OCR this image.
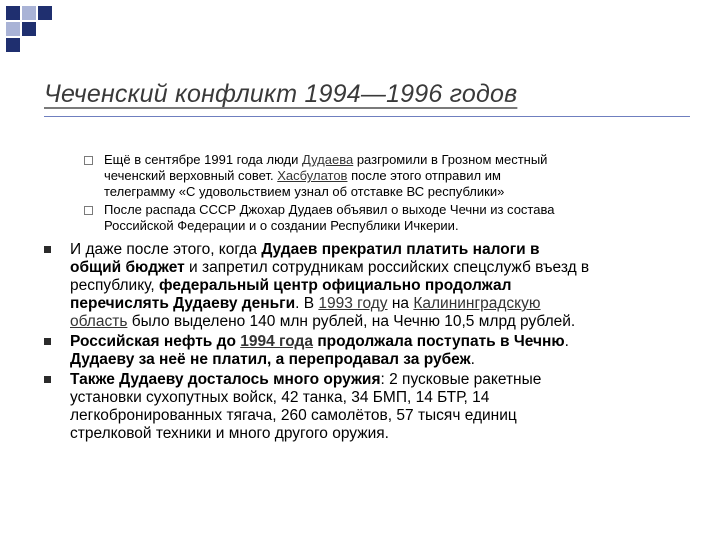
Чеченский конфликт 1994—1996 годов
Ещё в сентябре 1991 года люди Дудаева разгромили в Грозном местный
чеченский верховный совет. Хасбулатов после этого отправил им
телеграмму «С удовольствием узнал об отставке ВС республики»
После распада СССР Джохар Дудаев объявил о выходе Чечни из состава
Российской Федерации и о создании Республики Ичкерии.
И даже после этого, когда Дудаев прекратил платить налоги в
общий бюджет и запретил сотрудникам российских спецслужб въезд в
республику, федеральный центр официально продолжал
перечислять Дудаеву деньги. В 1993 году на Калининградскую
область было выделено 140 млн рублей, на Чечню 10,5 млрд рублей.
Российская нефть до 1994 года продолжала поступать в Чечню.
Дудаеву за неё не платил, а перепродавал за рубеж.
Также Дудаеву досталось много оружия: 2 пусковые ракетные
установки сухопутных войск, 42 танка, 34 БМП, 14 БТР, 14
легкобронированных тягача, 260 самолётов, 57 тысяч единиц
стрелковой техники и много другого оружия.
